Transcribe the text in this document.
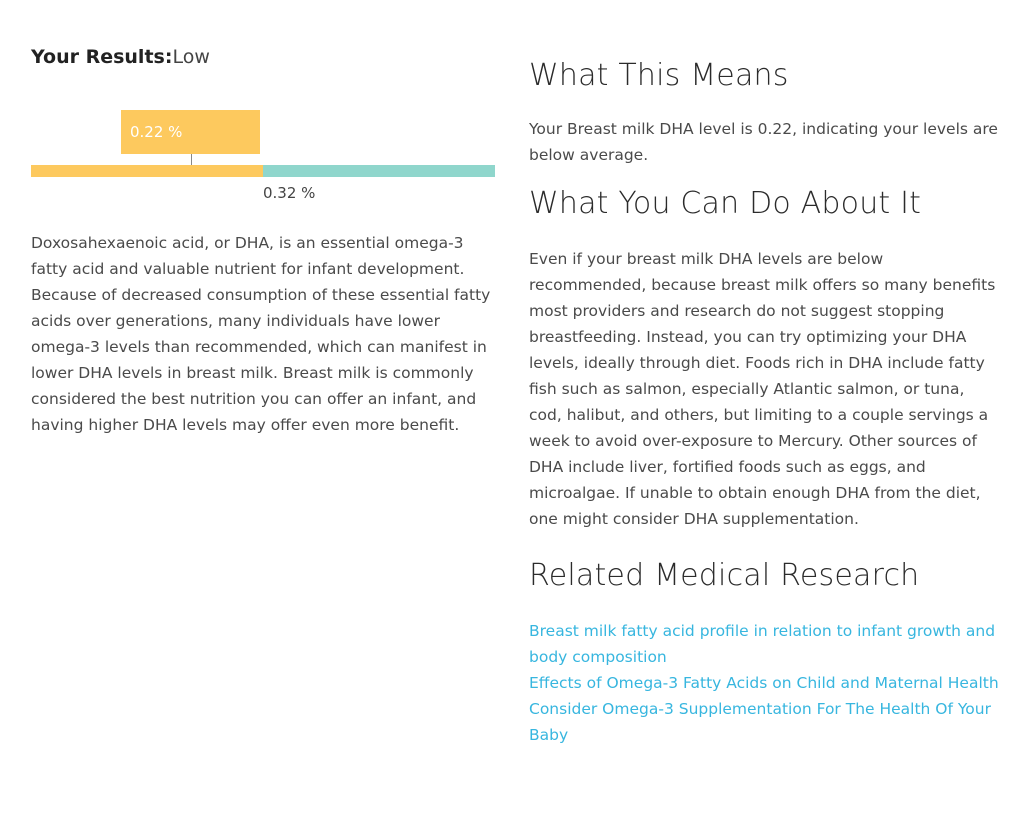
Your Results:Low
0.22 %
0.32 %

Doxosahexaenoic acid, or DHA, is an essential omega-3 fatty acid and valuable nutrient for infant development. Because of decreased consumption of these essential fatty acids over generations, many individuals have lower omega-3 levels than recommended, which can manifest in lower DHA levels in breast milk. Breast milk is commonly considered the best nutrition you can offer an infant, and having higher DHA levels may offer even more benefit.

What This Means

Your Breast milk DHA level is 0.22, indicating your levels are below average.

What You Can Do About It

Even if your breast milk DHA levels are below recommended, because breast milk offers so many benefits most providers and research do not suggest stopping breastfeeding. Instead, you can try optimizing your DHA levels, ideally through diet. Foods rich in DHA include fatty fish such as salmon, especially Atlantic salmon, or tuna, cod, halibut, and others, but limiting to a couple servings a week to avoid over-exposure to Mercury. Other sources of DHA include liver, fortified foods such as eggs, and microalgae. If unable to obtain enough DHA from the diet, one might consider DHA supplementation.

Related Medical Research
Breast milk fatty acid profile in relation to infant growth and body composition
Effects of Omega-3 Fatty Acids on Child and Maternal Health
Consider Omega-3 Supplementation For The Health Of Your Baby
